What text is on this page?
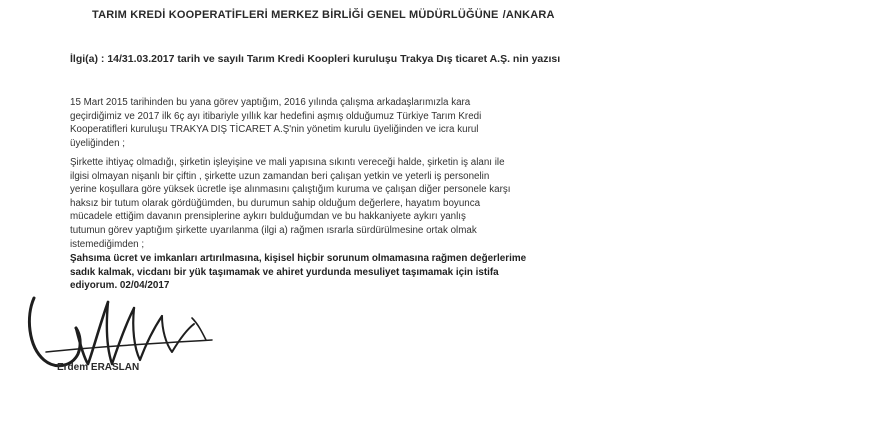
TARIM KREDİ KOOPERATİFLERİ MERKEZ BİRLİĞİ GENEL MÜDÜRLÜĞÜNE /ANKARA
İlgi(a) : 14/31.03.2017 tarih ve sayılı Tarım Kredi Koopleri kuruluşu Trakya Dış ticaret A.Ş. nin yazısı
15 Mart 2015 tarihinden bu yana görev yaptığım, 2016 yılında çalışma arkadaşlarımızla kara
geçirdiğimiz ve 2017 ilk 6ç ayı itibariyle yıllık kar hedefini aşmış olduğumuz Türkiye Tarım Kredi
Kooperatifleri kuruluşu TRAKYA DIŞ TİCARET A.Ş'nin yönetim kurulu üyeliğinden ve icra kurul
üyeliğinden ;
Şirkette ihtiyaç olmadığı, şirketin işleyişine ve mali yapısına sıkıntı vereceği halde, şirketin iş alanı ile
ilgisi olmayan nişanlı bir çiftin , şirkette uzun zamandan beri çalışan yetkin ve yeterli iş personelin
yerine koşullara göre yüksek ücretle işe alınmasını çalıştığım kuruma ve çalışan diğer personele karşı
haksız bir tutum olarak gördüğümden, bu durumun sahip olduğum değerlere, hayatım boyunca
mücadele ettiğim davanın prensiplerine aykırı bulduğumdan ve bu hakkaniyete aykırı yanlış
tutumun görev yaptığım şirkette uyarılanma (ilgi a) rağmen ısrarla sürdürülmesine ortak olmak
istemediğimden ;
Şahsıma ücret ve imkanları artırılmasına, kişisel hiçbir sorunum olmamasına rağmen değerlerime
sadık kalmak, vicdanı bir yük taşımamak ve ahiret yurdunda mesuliyet taşımamak için istifa
ediyorum. 02/04/2017
Erdem ERASLAN
